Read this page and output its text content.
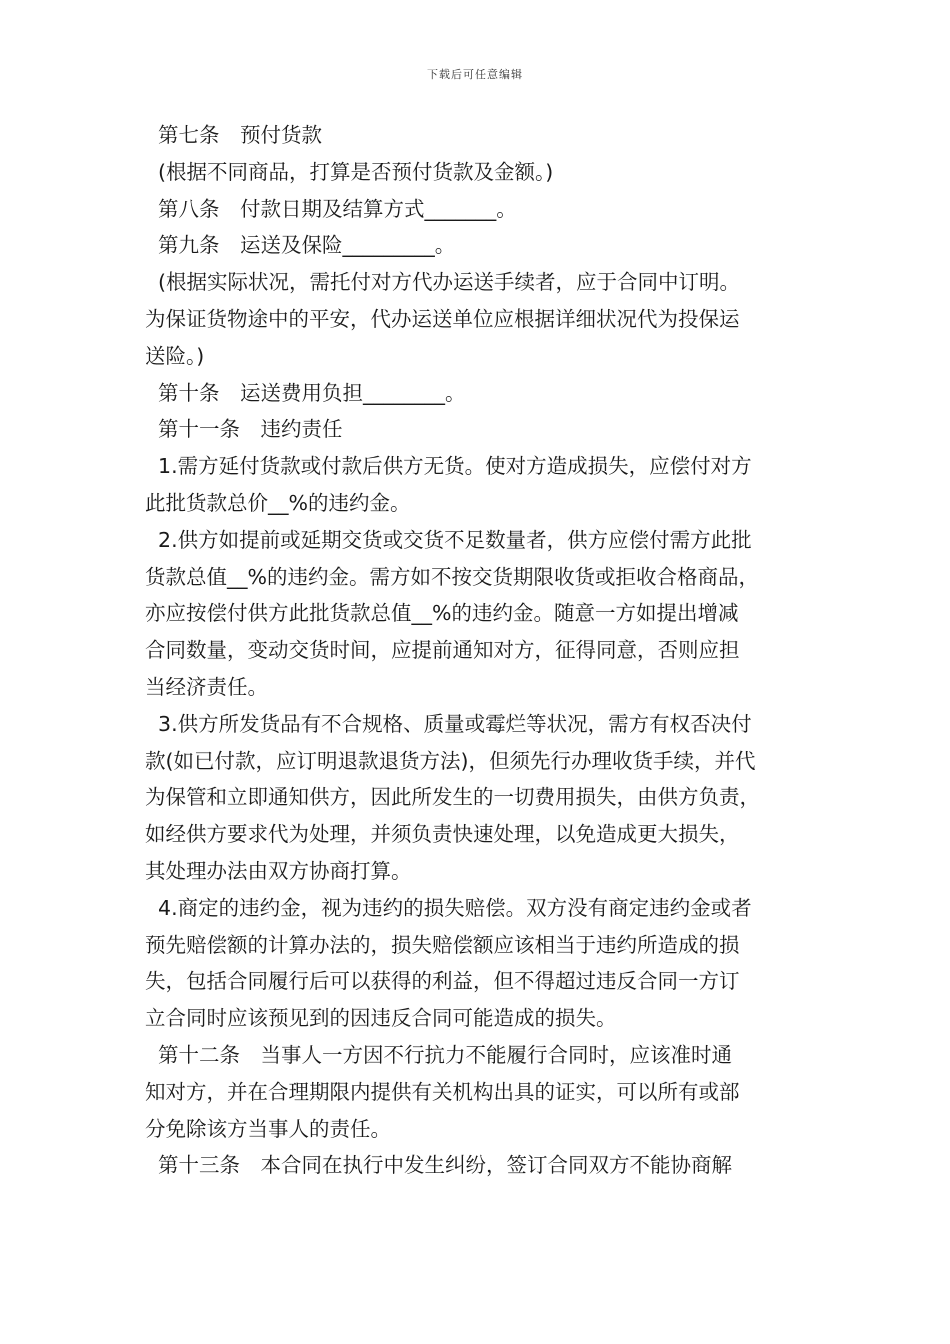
下载后可任意编辑

第七条　预付货款

(根据不同商品，打算是否预付货款及金额。)

第八条　付款日期及结算方式_______。

第九条　运送及保险_________。

(根据实际状况，需托付对方代办运送手续者，应于合同中订明。

为保证货物途中的平安，代办运送单位应根据详细状况代为投保运

送险。)

第十条　运送费用负担________。

第十一条　违约责任

1.需方延付货款或付款后供方无货。使对方造成损失，应偿付对方

此批货款总价__%的违约金。

2.供方如提前或延期交货或交货不足数量者，供方应偿付需方此批

货款总值__%的违约金。需方如不按交货期限收货或拒收合格商品，

亦应按偿付供方此批货款总值__%的违约金。随意一方如提出增减

合同数量，变动交货时间，应提前通知对方，征得同意，否则应担

当经济责任。

3.供方所发货品有不合规格、质量或霉烂等状况，需方有权否决付

款(如已付款，应订明退款退货方法)，但须先行办理收货手续，并代

为保管和立即通知供方，因此所发生的一切费用损失，由供方负责，

如经供方要求代为处理，并须负责快速处理，以免造成更大损失，

其处理办法由双方协商打算。

4.商定的违约金，视为违约的损失赔偿。双方没有商定违约金或者

预先赔偿额的计算办法的，损失赔偿额应该相当于违约所造成的损

失，包括合同履行后可以获得的利益，但不得超过违反合同一方订

立合同时应该预见到的因违反合同可能造成的损失。

第十二条　当事人一方因不行抗力不能履行合同时，应该准时通

知对方，并在合理期限内提供有关机构出具的证实，可以所有或部

分免除该方当事人的责任。

第十三条　本合同在执行中发生纠纷，签订合同双方不能协商解
